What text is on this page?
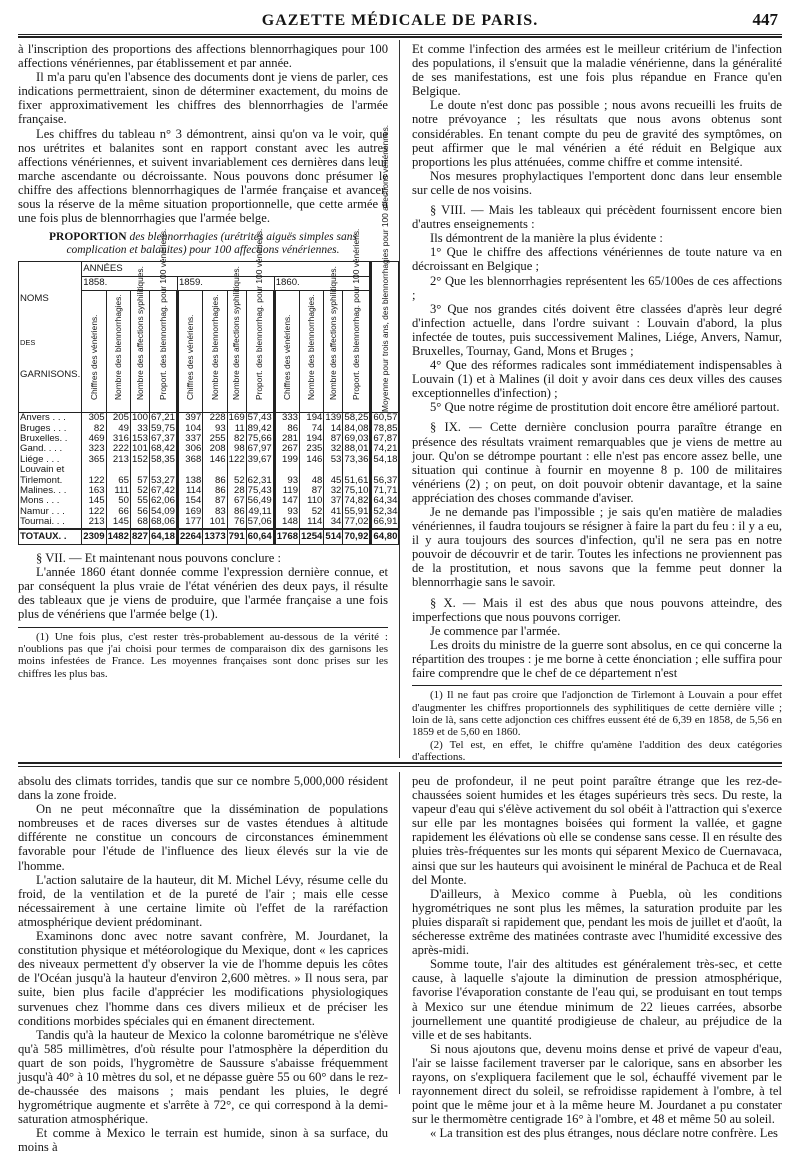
GAZETTE MÉDICALE DE PARIS.	447

à l'inscription des proportions des affections blennorrhagiques pour 100 affections vénériennes, par établissement et par année.

Il m'a paru qu'en l'absence des documents dont je viens de parler, ces indications permettraient, sinon de déterminer exactement, du moins de fixer approximativement les chiffres des blennorrhagies de l'armée française.

Les chiffres du tableau n° 3 démontrent, ainsi qu'on va le voir, que nos urétrites et balanites sont en rapport constant avec les autres affections vénériennes, et suivent invariablement ces dernières dans leur marche ascendante ou décroissante. Nous pouvons donc présumer le chiffre des affections blennorrhagiques de l'armée française et avancer, sous la réserve de la même situation proportionnelle, que cette armée a une fois plus de blennorrhagies que l'armée belge.

PROPORTION des blennorrhagies (urétrites aiguës simples sans complication et balanites) pour 100 affections vénériennes.
NOMS
DES
GARNISONS.	ANNÉES												Moyenne pour trois ans, des blennorrhagies pour 100 affections vénériennes.

	1858.				1859.				1860.				

	Chiffres des vénériens.	Nombre des blennorrhagies.	Nombre des affections syphilitiques.	Proport. des blennorrhag. pour 100 vénériens.	Chiffres des vénériens.	Nombre des blennorrhagies.	Nombre des affections syphilitiques.	Proport. des blennorrhag. pour 100 vénériens.	Chiffres des vénériens.	Nombre des blennorrhagies.	Nombre des affections syphilitiques.	Proport. des blennorrhag. pour 100 vénériens.	

Anvers . . .	305	205	100	67,21	397	228	169	57,43	333	194	139	58,25	60,57
Bruges . . .	82	49	33	59,75	104	93	11	89,42	86	74	14	84,08	78,85
Bruxelles. .	469	316	153	67,37	337	255	82	75,66	281	194	87	69,03	67,87
Gand. . . .	323	222	101	68,42	306	208	98	67,97	267	235	32	88,01	74,21
Liége . . .	365	213	152	58,35	368	146	122	39,67	199	146	53	73,36	54,18
Louvain et													
Tirlemont.	122	65	57	53,27	138	86	52	62,31	93	48	45	51,61	56,37
Malines. . .	163	111	52	67,42	114	86	28	75,43	119	87	32	75,10	71,71
Mons . . .	145	50	55	62,06	154	87	67	56,49	147	110	37	74,82	64,34
Namur . . .	122	66	56	54,09	169	83	86	49,11	93	52	41	55,91	52,34
Tournai. . .	213	145	68	68,06	177	101	76	57,06	148	114	34	77,02	66,91
TOTAUX. .	2309	1482	827	64,18	2264	1373	791	60,64	1768	1254	514	70,92	64,80

§ VII. — Et maintenant nous pouvons conclure :

L'année 1860 étant donnée comme l'expression dernière connue, et par conséquent la plus vraie de l'état vénérien des deux pays, il résulte des tableaux que je viens de produire, que l'armée française a une fois plus de vénériens que l'armée belge (1).

(1) Une fois plus, c'est rester très-probablement au-dessous de la vérité : n'oublions pas que j'ai choisi pour termes de comparaison dix des garnisons les moins infestées de France. Les moyennes françaises sont donc prises sur les chiffres les plus bas.

Et comme l'infection des armées est le meilleur critérium de l'infection des populations, il s'ensuit que la maladie vénérienne, dans la généralité de ses manifestations, est une fois plus répandue en France qu'en Belgique.

Le doute n'est donc pas possible ; nous avons recueilli les fruits de notre prévoyance ; les résultats que nous avons obtenus sont considérables. En tenant compte du peu de gravité des symptômes, on peut affirmer que le mal vénérien a été réduit en Belgique aux proportions les plus atténuées, comme chiffre et comme intensité.

Nos mesures prophylactiques l'emportent donc dans leur ensemble sur celle de nos voisins.

§ VIII. — Mais les tableaux qui précèdent fournissent encore bien d'autres enseignements :

Ils démontrent de la manière la plus évidente :

1° Que le chiffre des affections vénériennes de toute nature va en décroissant en Belgique ;

2° Que les blennorrhagies représentent les 65/100es de ces affections ;

3° Que nos grandes cités doivent être classées d'après leur degré d'infection actuelle, dans l'ordre suivant : Louvain d'abord, la plus infectée de toutes, puis successivement Malines, Liége, Anvers, Namur, Bruxelles, Tournay, Gand, Mons et Bruges ;

4° Que des réformes radicales sont immédiatement indispensables à Louvain (1) et à Malines (il doit y avoir dans ces deux villes des causes exceptionnelles d'infection) ;

5° Que notre régime de prostitution doit encore être amélioré partout.

§ IX. — Cette dernière conclusion pourra paraître étrange en présence des résultats vraiment remarquables que je viens de mettre au jour. Qu'on se détrompe pourtant : elle n'est pas encore assez belle, une situation qui continue à fournir en moyenne 8 p. 100 de militaires vénériens (2) ; on peut, on doit pouvoir obtenir davantage, et la saine appréciation des choses commande d'aviser.

Je ne demande pas l'impossible ; je sais qu'en matière de maladies vénériennes, il faudra toujours se résigner à faire la part du feu : il y a eu, il y aura toujours des sources d'infection, qu'il ne sera pas en notre pouvoir de découvrir et de tarir. Toutes les infections ne proviennent pas de la prostitution, et nous savons que la femme peut donner la blennorrhagie sans le savoir.

§ X. — Mais il est des abus que nous pouvons atteindre, des imperfections que nous pouvons corriger.

Je commence par l'armée.

Les droits du ministre de la guerre sont absolus, en ce qui concerne la répartition des troupes : je me borne à cette énonciation ; elle suffira pour faire comprendre que le chef de ce département n'est

(1) Il ne faut pas croire que l'adjonction de Tirlemont à Louvain a pour effet d'augmenter les chiffres proportionnels des syphilitiques de cette dernière ville ; loin de là, sans cette adjonction ces chiffres eussent été de 6,39 en 1858, de 5,56 en 1859 et de 5,60 en 1860.

(2) Tel est, en effet, le chiffre qu'amène l'addition des deux catégories d'affections.

absolu des climats torrides, tandis que sur ce nombre 5,000,000 résident dans la zone froide.

On ne peut méconnaître que la dissémination de populations nombreuses et de races diverses sur de vastes étendues à altitude différente ne constitue un concours de circonstances éminemment favorable pour l'étude de l'influence des lieux élevés sur la vie de l'homme.

L'action salutaire de la hauteur, dit M. Michel Lévy, résume celle du froid, de la ventilation et de la pureté de l'air ; mais elle cesse nécessairement à une certaine limite où l'effet de la raréfaction atmosphérique devient prédominant.

Examinons donc avec notre savant confrère, M. Jourdanet, la constitution physique et météorologique du Mexique, dont « les caprices des niveaux permettent d'y observer la vie de l'homme depuis les côtes de l'Océan jusqu'à la hauteur d'environ 2,600 mètres. » Il nous sera, par suite, bien plus facile d'apprécier les modifications physiologiques survenues chez l'homme dans ces divers milieux et de préciser les conditions morbides spéciales qui en émanent directement.

Tandis qu'à la hauteur de Mexico la colonne barométrique ne s'élève qu'à 585 millimètres, d'où résulte pour l'atmosphère la déperdition du quart de son poids, l'hygromètre de Saussure s'abaisse fréquemment jusqu'à 40° à 10 mètres du sol, et ne dépasse guère 55 ou 60° dans le rez-de-chaussée des maisons ; mais pendant les pluies, le degré hygrométrique augmente et s'arrête à 72°, ce qui correspond à la demi-saturation atmosphérique.

Et comme à Mexico le terrain est humide, sinon à sa surface, du moins à

peu de profondeur, il ne peut point paraître étrange que les rez-de-chaussées soient humides et les étages supérieurs très secs. Du reste, la vapeur d'eau qui s'élève activement du sol obéit à l'attraction qui s'exerce sur elle par les montagnes boisées qui forment la vallée, et gagne rapidement les élévations où elle se condense sans cesse. Il en résulte des pluies très-fréquentes sur les monts qui séparent Mexico de Cuernavaca, ainsi que sur les hauteurs qui avoisinent le minéral de Pachuca et de Real del Monte.

D'ailleurs, à Mexico comme à Puebla, où les conditions hygrométriques ne sont plus les mêmes, la saturation produite par les pluies disparaît si rapidement que, pendant les mois de juillet et d'août, la sécheresse extrême des matinées contraste avec l'humidité excessive des après-midi.

Somme toute, l'air des altitudes est généralement très-sec, et cette cause, à laquelle s'ajoute la diminution de pression atmosphérique, favorise l'évaporation constante de l'eau qui, se produisant en tout temps à Mexico sur une étendue minimum de 22 lieues carrées, absorbe journellement une quantité prodigieuse de chaleur, au préjudice de la ville et de ses habitants.

Si nous ajoutons que, devenu moins dense et privé de vapeur d'eau, l'air se laisse facilement traverser par le calorique, sans en absorber les rayons, on s'expliquera facilement que le sol, échauffé vivement par le rayonnement direct du soleil, se refroidisse rapidement à l'ombre, à tel point que le même jour et à la même heure M. Jourdanet a pu constater sur le thermomètre centigrade 16° à l'ombre, et 48 et même 50 au soleil.

« La transition est des plus étranges, nous déclare notre confrère. Les
